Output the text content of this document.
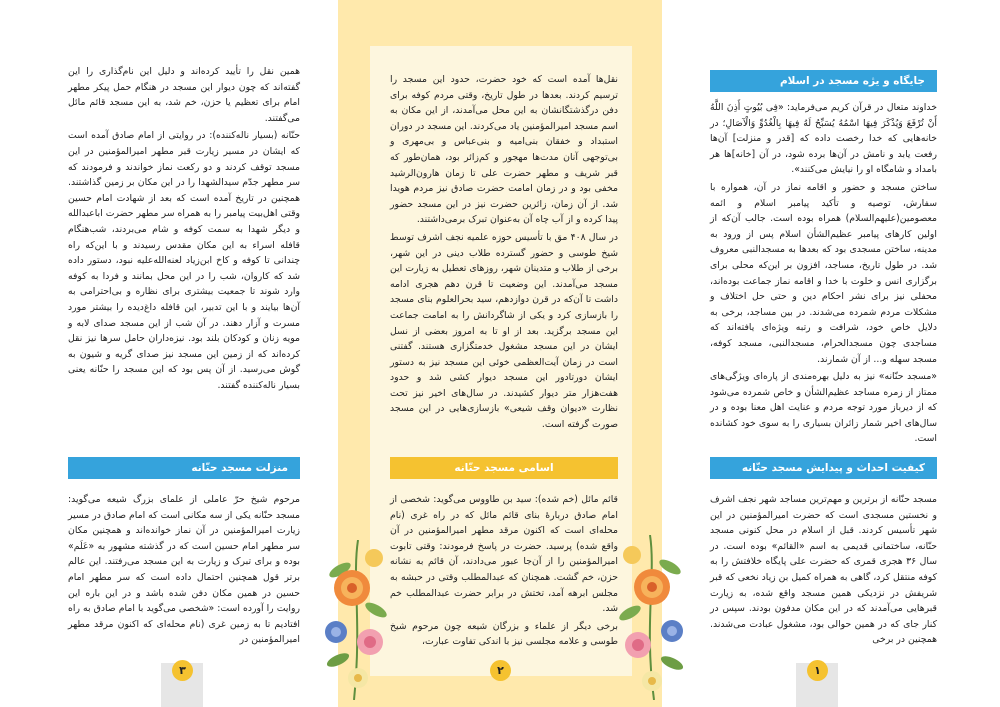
همین نقل را تأیید کرده‌اند و دلیل این نام‌گذاری را این گفته‌اند که چون دیوار این مسجد در هنگام حمل پیکر مطهر امام برای تعظیم یا حزن، خم شد، به این مسجد قائم مائل می‌گفتند.

حنّانه (بسیار ناله‌کننده): در روایتی از امام صادق آمده است که ایشان در مسیر زیارت قبر مطهر امیرالمؤمنین در این مسجد توقف کردند و دو رکعت نماز خواندند و فرمودند که سر مطهر جدّم سیدالشهدا را در این مکان بر زمین گذاشتند. همچنین در تاریخ آمده است که بعد از شهادت امام حسین وقتی اهل‌بیت پیامبر را به همراه سر مطهر حضرت اباعبدالله و دیگر شهدا به سمت کوفه و شام می‌بردند، شب‌هنگام قافله اسراء به این مکان مقدس رسیدند و با این‌که راه چندانی تا کوفه و کاخ ابن‌زیاد لعنه‌الله‌علیه نبود، دستور داده شد که کاروان، شب را در این محل بمانند و فردا به کوفه وارد شوند تا جمعیت بیشتری برای نظاره و بی‌احترامی به آن‌ها بیایند و با این تدبیر، این قافله داغ‌دیده را بیشتر مورد مسرت و آزار دهند. در آن شب از این مسجد صدای لابه و مویه زنان و کودکان بلند بود. نیزه‌داران حامل سرها نیز نقل کرده‌اند که از زمین این مسجد نیز صدای گریه و شیون به گوش می‌رسید. از آن پس بود که این مسجد را حنّانه یعنی بسیار ناله‌کننده گفتند.

منزلت مسجد حنّانه

مرحوم شیخ حرّ عاملی از علمای بزرگ شیعه می‌گوید: مسجد حنّانه یکی از سه مکانی است که امام صادق در مسیر زیارت امیرالمؤمنین در آن نماز خوانده‌اند و همچنین مکان سر مطهر امام حسین است که در گذشته مشهور به «عَلَم» بوده و برای تبرک و زیارت به این مسجد می‌رفتند. این عالم برتر قول همچنین احتمال داده است که سر مطهر امام حسین در همین مکان دفن شده باشد و در این باره این روایت را آورده است: «شخصی می‌گوید با امام صادق به راه افتادیم تا به زمین غری (نام محله‌ای که اکنون مرقد مطهر امیرالمؤمنین در

۳

نقل‌ها آمده است که خود حضرت، حدود این مسجد را ترسیم کردند. بعدها در طول تاریخ، وقتی مردم کوفه برای دفن درگذشتگانشان به این محل می‌آمدند، از این مکان به اسم مسجد امیرالمؤمنین یاد می‌کردند. این مسجد در دوران استبداد و خفقان بنی‌امیه و بنی‌عباس و بی‌مهری و بی‌توجهی آنان مدت‌ها مهجور و کم‌زائر بود، همان‌طور که قبر شریف و مطهر حضرت علی تا زمان هارون‌الرشید مخفی بود و در زمان امامت حضرت صادق نیز مردم هویدا شد. از آن زمان، زائرین حضرت نیز در این مسجد حضور پیدا کرده و از آب چاه آن به‌عنوان تبرک برمی‌داشتند.

در سال ۴۰۸ مق با تأسیس حوزه علمیه نجف اشرف توسط شیخ طوسی و حضور گسترده طلاب دینی در این شهر، برخی از طلاب و متدینان شهر، روزهای تعطیل به زیارت این مسجد می‌آمدند. این وضعیت تا قرن دهم هجری ادامه داشت تا آن‌که در قرن دوازدهم، سید بحرالعلوم بنای مسجد را بازسازی کرد و یکی از شاگردانش را به امامت جماعت این مسجد برگزید. بعد از او تا به امروز بعضی از نسل ایشان در این مسجد مشغول خدمتگزاری هستند. گفتنی است در زمان آیت‌العظمی خوئی این مسجد نیز به دستور ایشان دورتادور این مسجد دیوار کشی شد و حدود هفت‌هزار متر دیوار کشیدند. در سال‌های اخیر نیز تحت نظارت «دیوان وقف شیعی» بازسازی‌هایی در این مسجد صورت گرفته است.

اسامی مسجد حنّانه

قائم مائل (خم شده): سید بن طاووس می‌گوید: شخصی از امام صادق دربارهٔ بنای قائم مائل که در راه غری (نام محله‌ای است که اکنون مرقد مطهر امیرالمؤمنین در آن واقع شده) پرسید. حضرت در پاسخ فرمودند: وقتی تابوت امیرالمؤمنین را از آن‌جا عبور می‌دادند، آن قائم به نشانه حزن، خم گشت. همچنان که عبدالمطلب وقتی در حبشه به مجلس ابرهه آمد، تختش در برابر حضرت عبدالمطلب خم شد.

برخی دیگر از علماء و بزرگان شیعه چون مرحوم شیخ طوسی و علامه مجلسی نیز با اندکی تفاوت عبارت،

۲
جایگاه و یژه مسجد در اسلام

خداوند متعال در قرآن کریم می‌فرماید: «فِی بُیُوتٍ أَذِنَ اللَّهُ أَنْ تُرْفَعَ وَیُذْکَرَ فِیهَا اسْمُهُ یُسَبِّحُ لَهُ فِیهَا بِالْغُدُوِّ وَالْآصَالِ؛ در خانه‌هایی که خدا رخصت داده که [قدر و منزلت] آن‌ها رفعت یابد و نامش در آن‌ها برده شود، در آن [خانه]ها هر بامداد و شامگاه او را نیایش می‌کنند».

ساختن مسجد و حضور و اقامه نماز در آن، همواره با سفارش، توصیه و تأکید پیامبر اسلام و ائمه معصومین(علیهم‌السلام) همراه بوده است. جالب آن‌که از اولین کارهای پیامبر عظیم‌الشأن اسلام پس از ورود به مدینه، ساختن مسجدی بود که بعدها به مسجدالنبی معروف شد. در طول تاریخ، مساجد، افزون بر این‌که محلی برای برگزاری انس و خلوت با خدا و اقامه نماز جماعت بوده‌اند، محفلی نیز برای نشر احکام دین و حتی حل اختلاف و مشکلات مردم شمرده می‌شدند. در بین مساجد، برخی به دلایل خاص خود، شرافت و رتبه ویژه‌ای یافته‌اند که مساجدی چون مسجدالحرام، مسجدالنبی، مسجد کوفه، مسجد سهله و... از آن شمارند.

«مسجد حنّانه» نیز به دلیل بهره‌مندی از پاره‌ای ویژگی‌های ممتاز از زمره مساجد عظیم‌الشأن و خاص شمرده می‌شود که از دیرباز مورد توجه مردم و عنایت اهل معنا بوده و در سال‌های اخیر شمار زائران بسیاری را به سوی خود کشانده است.

کیفیت احداث و پیدایش مسجد حنّانه

مسجد حنّانه از برترین و مهم‌ترین مساجد شهر نجف اشرف و نخستین مسجدی است که حضرت امیرالمؤمنین در این شهر تأسیس کردند. قبل از اسلام در محل کنونی مسجد حنّانه، ساختمانی قدیمی به اسم «القائم» بوده است. در سال ۳۶ هجری قمری که حضرت علی پایگاه خلافتش را به کوفه منتقل کرد، گاهی به همراه کمیل بن زیاد نخعی که قبر شریفش در نزدیکی همین مسجد واقع شده، به زیارت قبرهایی می‌آمدند که در این مکان مدفون بودند. سپس در کنار جای که در همین حوالی بود، مشغول عبادت می‌شدند. همچنین در برخی

۱
